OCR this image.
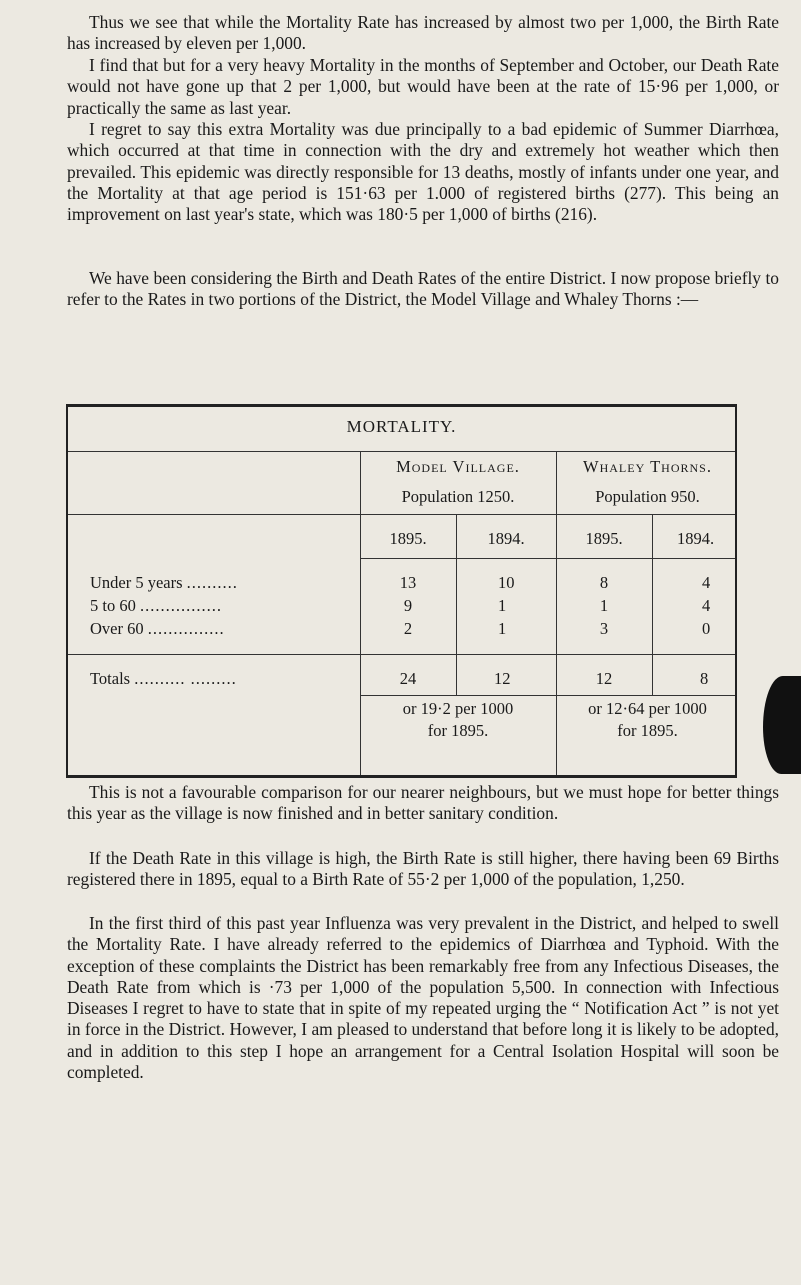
Thus we see that while the Mortality Rate has increased by almost two per 1,000, the Birth Rate has increased by eleven per 1,000.

I find that but for a very heavy Mortality in the months of September and October, our Death Rate would not have gone up that 2 per 1,000, but would have been at the rate of 15·96 per 1,000, or practically the same as last year.

I regret to say this extra Mortality was due principally to a bad epidemic of Summer Diarrhœa, which occurred at that time in connection with the dry and extremely hot weather which then prevailed. This epidemic was directly responsible for 13 deaths, mostly of infants under one year, and the Mortality at that age period is 151·63 per 1.000 of registered births (277). This being an improvement on last year's state, which was 180·5 per 1,000 of births (216).

We have been considering the Birth and Death Rates of the entire District. I now propose briefly to refer to the Rates in two portions of the District, the Model Village and Whaley Thorns :—

MORTALITY.
Model Village.
Population 1250.
Whaley Thorns.
Population 950.
1895.	1894.	1895.	1894.
Under 5 years ..........	13	10	8	4
5 to 60 ................	9	1	1	4
Over 60 ...............	2	1	3	0
Totals .......... .........	24	12	12	8
or 19·2 per 1000
for 1895.
or 12·64 per 1000
for 1895.

This is not a favourable comparison for our nearer neighbours, but we must hope for better things this year as the village is now finished and in better sanitary condition.

If the Death Rate in this village is high, the Birth Rate is still higher, there having been 69 Births registered there in 1895, equal to a Birth Rate of 55·2 per 1,000 of the population, 1,250.

In the first third of this past year Influenza was very prevalent in the District, and helped to swell the Mortality Rate. I have already referred to the epidemics of Diarrhœa and Typhoid. With the exception of these complaints the District has been remarkably free from any Infectious Diseases, the Death Rate from which is ·73 per 1,000 of the population 5,500. In connection with Infectious Diseases I regret to have to state that in spite of my repeated urging the “ Notification Act ” is not yet in force in the District. However, I am pleased to understand that before long it is likely to be adopted, and in addition to this step I hope an arrangement for a Central Isolation Hospital will soon be completed.
